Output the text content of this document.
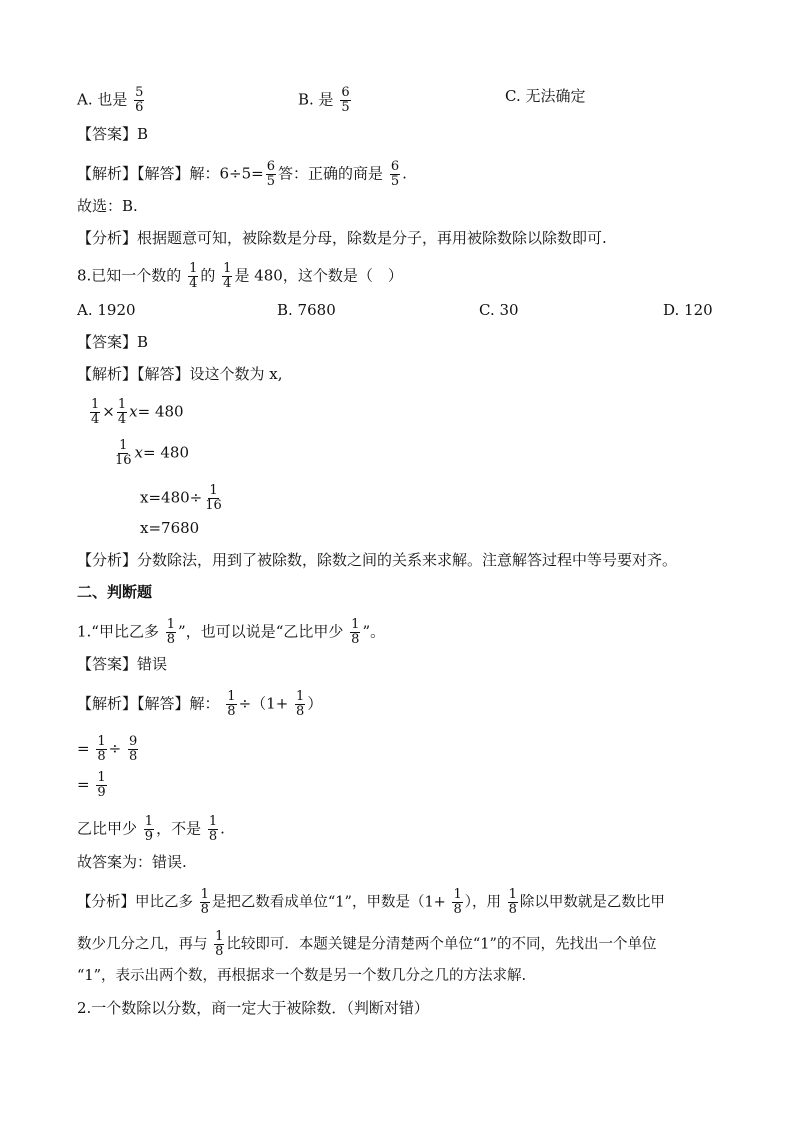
A. 也是 $\frac{5}{6}$	B. 是 $\frac{6}{5}$	C. 无法确定
【答案】B
【解析】【解答】解：$6\div 5= \frac{6}{5}$ 答：正确的商是 $\frac{6}{5}$ .
故选：B.
【分析】根据题意可知，被除数是分母，除数是分子，再用被除数除以除数即可.
8.已知一个数的 $\frac{1}{4}$ 的 $\frac{1}{4}$ 是 480，这个数是（　）
A. 1920	B. 7680	C. 30	D. 120
【答案】B
【解析】【解答】设这个数为 x,
$\frac{1}{4} \times \frac{1}{4} x= 480$
$\frac{1}{16} x= 480$
$x=480\div \frac{1}{16}$
x=7680
【分析】分数除法，用到了被除数，除数之间的关系来求解。注意解答过程中等号要对齐。
二、判断题
1.“甲比乙多 $\frac{1}{8}$ ”，也可以说是“乙比甲少 $\frac{1}{8}$ ”。
【答案】错误
【解析】【解答】解： $\frac{1}{8} \div(1+ \frac{1}{8}$ ）
= $\frac{1}{8} \div \frac{9}{8}$
= $\frac{1}{9}$
乙比甲少 $\frac{1}{9}$ ，不是 $\frac{1}{8}$ .
故答案为：错误.
【分析】甲比乙多 $\frac{1}{8}$ 是把乙数看成单位“1”，甲数是（$1+ \frac{1}{8}$ ），用 $\frac{1}{8}$ 除以甲数就是乙数比甲
数少几分之几，再与 $\frac{1}{8}$ 比较即可．本题关键是分清楚两个单位“1”的不同，先找出一个单位
“1”，表示出两个数，再根据求一个数是另一个数几分之几的方法求解.
2.一个数除以分数，商一定大于被除数．（判断对错）
